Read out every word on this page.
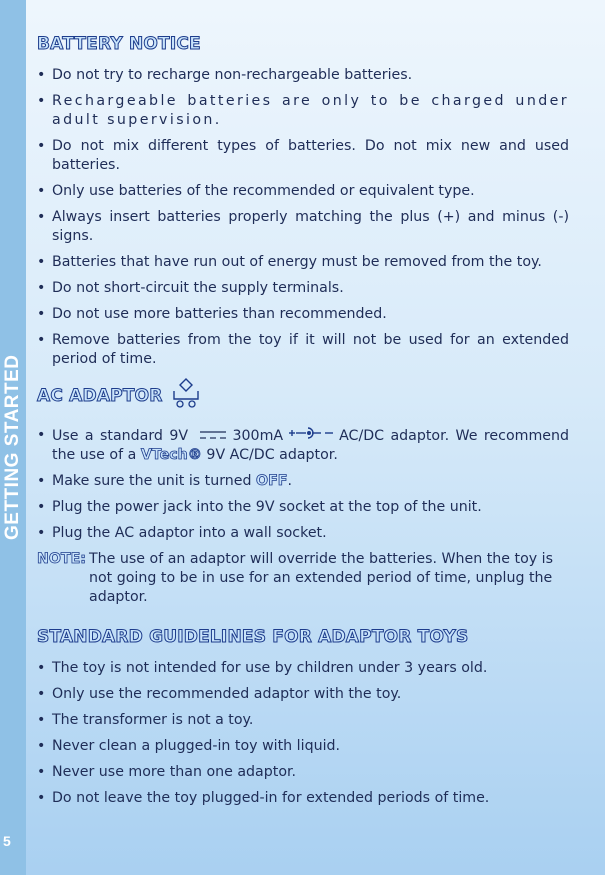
GETTING STARTED
5
BATTERY NOTICE
• Do not try to recharge non-rechargeable batteries.
• Rechargeable batteries are only to be charged under adult supervision.
• Do not mix different types of batteries. Do not mix new and used batteries.
• Only use batteries of the recommended or equivalent type.
• Always insert batteries properly matching the plus (+) and minus (-) signs.
• Batteries that have run out of energy must be removed from the toy.
• Do not short-circuit the supply terminals.
• Do not use more batteries than recommended.
• Remove batteries from the toy if it will not be used for an extended period of time.
AC ADAPTOR
• Use a standard 9V	300mA	AC/DC adaptor. We recommend the use of a VTech® 9V AC/DC adaptor.
• Make sure the unit is turned OFF.
• Plug the power jack into the 9V socket at the top of the unit.
• Plug the AC adaptor into a wall socket.
NOTE: The use of an adaptor will override the batteries. When the toy is not going to be in use for an extended period of time, unplug the adaptor.
STANDARD GUIDELINES FOR ADAPTOR TOYS
• The toy is not intended for use by children under 3 years old.
• Only use the recommended adaptor with the toy.
• The transformer is not a toy.
• Never clean a plugged-in toy with liquid.
• Never use more than one adaptor.
• Do not leave the toy plugged-in for extended periods of time.
